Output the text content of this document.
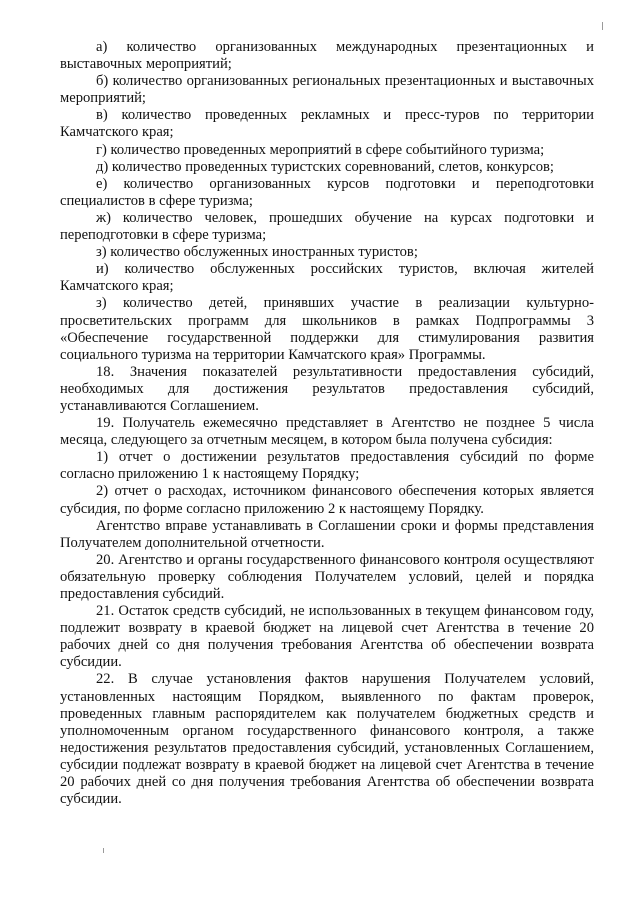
а) количество организованных международных презентационных и выставочных мероприятий;

б) количество организованных региональных презентационных и выставочных мероприятий;

в) количество проведенных рекламных и пресс-туров по территории Камчатского края;

г) количество проведенных мероприятий в сфере событийного туризма;

д) количество проведенных туристских соревнований, слетов, конкурсов;

е) количество организованных курсов подготовки и переподготовки специалистов в сфере туризма;

ж) количество человек, прошедших обучение на курсах подготовки и переподготовки в сфере туризма;

з) количество обслуженных иностранных туристов;

и) количество обслуженных российских туристов, включая жителей Камчатского края;

з) количество детей, принявших участие в реализации культурно-просветительских программ для школьников в рамках Подпрограммы 3 «Обеспечение государственной поддержки для стимулирования развития социального туризма на территории Камчатского края» Программы.

18. Значения показателей результативности предоставления субсидий, необходимых для достижения результатов предоставления субсидий, устанавливаются Соглашением.

19. Получатель ежемесячно представляет в Агентство не позднее 5 числа месяца, следующего за отчетным месяцем, в котором была получена субсидия:

1) отчет о достижении результатов предоставления субсидий по форме согласно приложению 1 к настоящему Порядку;

2) отчет о расходах, источником финансового обеспечения которых является субсидия, по форме согласно приложению 2 к настоящему Порядку.

Агентство вправе устанавливать в Соглашении сроки и формы представления Получателем дополнительной отчетности.

20. Агентство и органы государственного финансового контроля осуществляют обязательную проверку соблюдения Получателем условий, целей и порядка предоставления субсидий.

21. Остаток средств субсидий, не использованных в текущем финансовом году, подлежит возврату в краевой бюджет на лицевой счет Агентства в течение 20 рабочих дней со дня получения требования Агентства об обеспечении возврата субсидии.

22. В случае установления фактов нарушения Получателем условий, установленных настоящим Порядком, выявленного по фактам проверок, проведенных главным распорядителем как получателем бюджетных средств и уполномоченным органом государственного финансового контроля, а также недостижения результатов предоставления субсидий, установленных Соглашением, субсидии подлежат возврату в краевой бюджет на лицевой счет Агентства в течение 20 рабочих дней со дня получения требования Агентства об обеспечении возврата субсидии.
